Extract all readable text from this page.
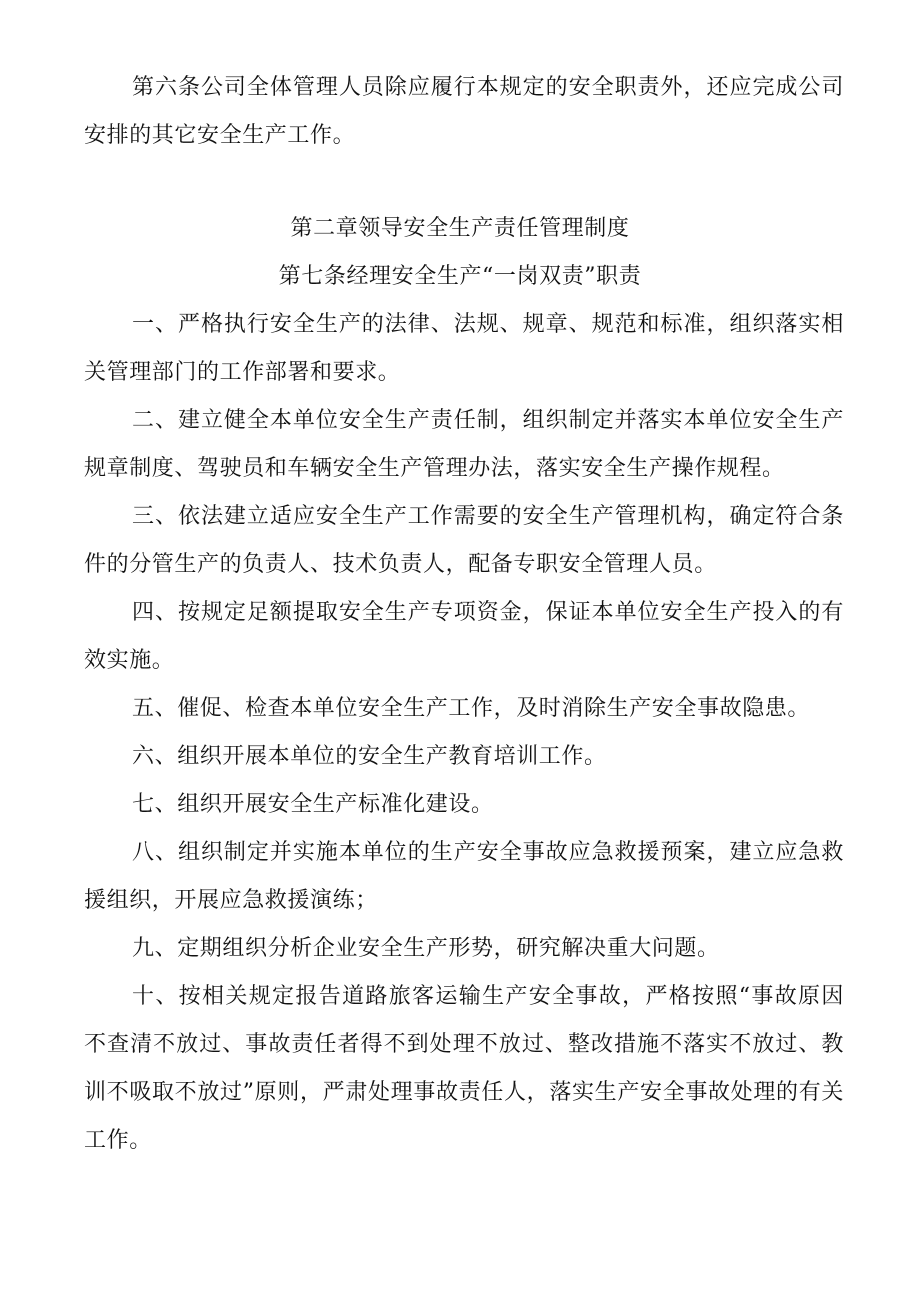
第六条公司全体管理人员除应履行本规定的安全职责外，还应完成公司安排的其它安全生产工作。

第二章领导安全生产责任管理制度

第七条经理安全生产“一岗双责”职责

一、严格执行安全生产的法律、法规、规章、规范和标准，组织落实相关管理部门的工作部署和要求。

二、建立健全本单位安全生产责任制，组织制定并落实本单位安全生产规章制度、驾驶员和车辆安全生产管理办法，落实安全生产操作规程。

三、依法建立适应安全生产工作需要的安全生产管理机构，确定符合条件的分管生产的负责人、技术负责人，配备专职安全管理人员。

四、按规定足额提取安全生产专项资金，保证本单位安全生产投入的有效实施。

五、催促、检查本单位安全生产工作，及时消除生产安全事故隐患。

六、组织开展本单位的安全生产教育培训工作。

七、组织开展安全生产标准化建设。

八、组织制定并实施本单位的生产安全事故应急救援预案，建立应急救援组织，开展应急救援演练；

九、定期组织分析企业安全生产形势，研究解决重大问题。

十、按相关规定报告道路旅客运输生产安全事故，严格按照“事故原因不查清不放过、事故责任者得不到处理不放过、整改措施不落实不放过、教训不吸取不放过”原则，严肃处理事故责任人，落实生产安全事故处理的有关工作。
